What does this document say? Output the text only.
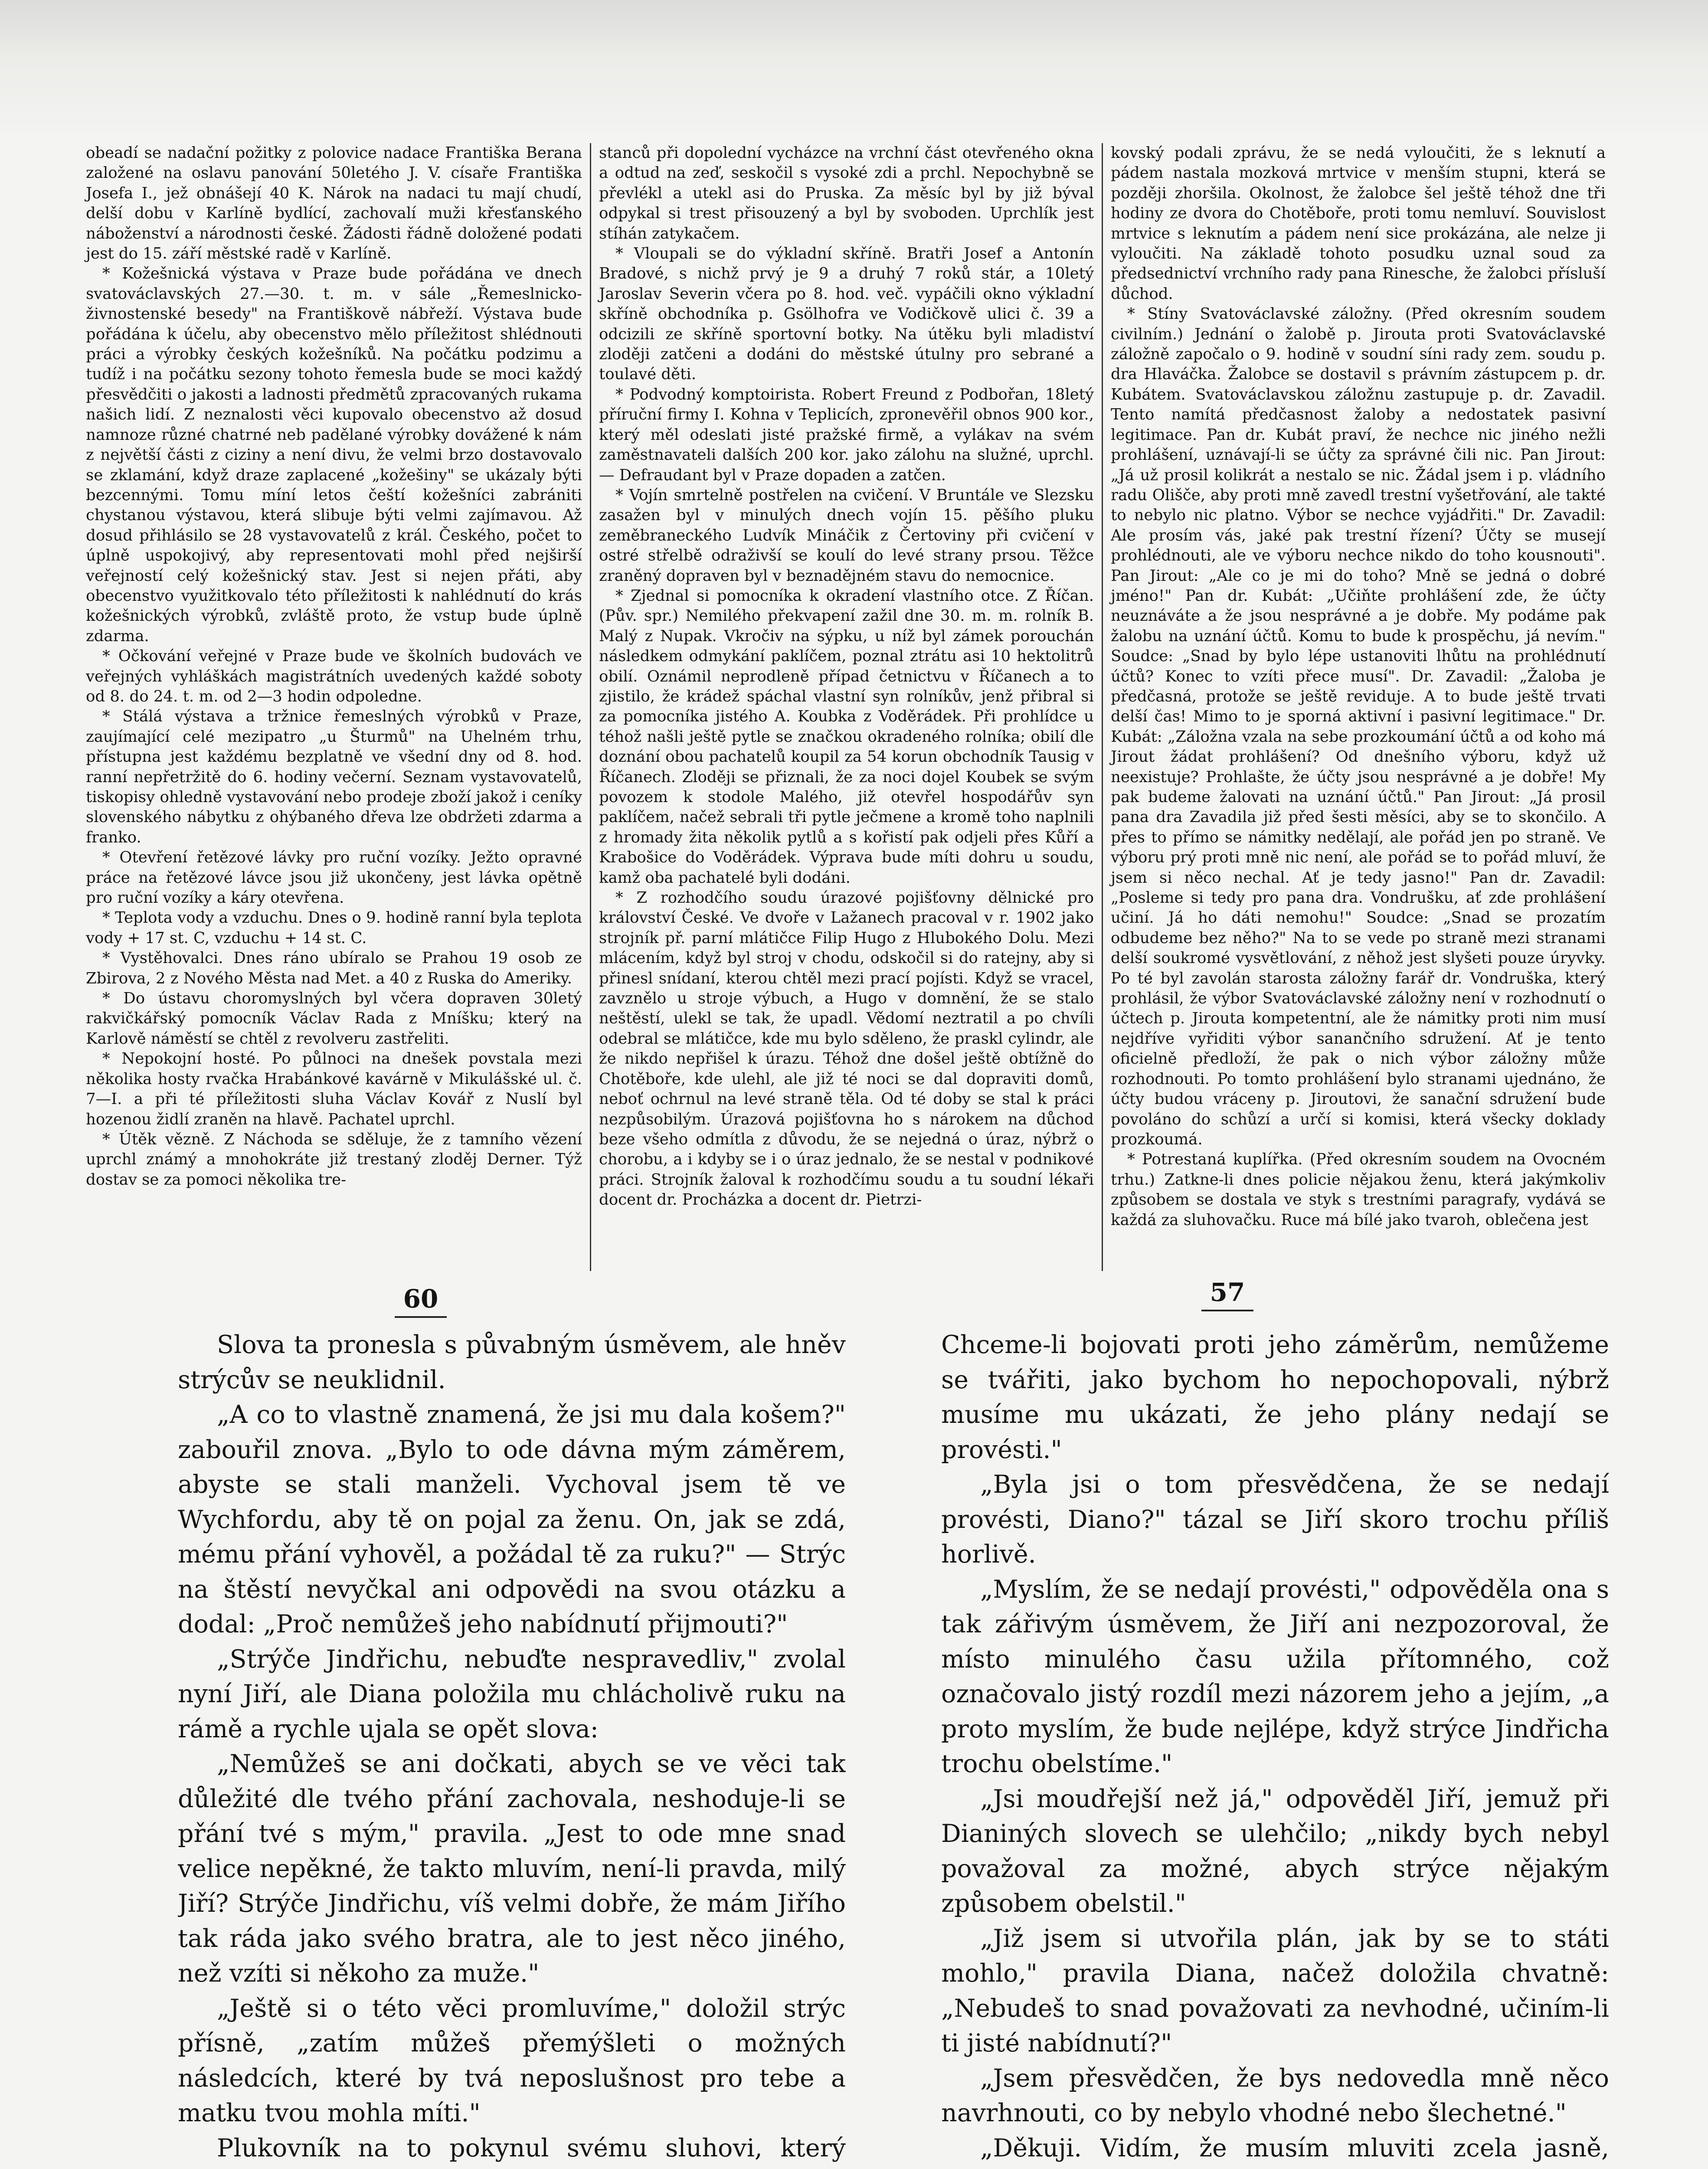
obeadí se nadační požitky z polovice nadace Františka Berana založené na oslavu panování 50letého J. V. císaře Františka Josefa I., jež obnášejí 40 K. Nárok na nadaci tu mají chudí, delší dobu v Karlíně bydlící, zachovalí muži křesťanského náboženství a národnosti české. Žádosti řádně doložené podati jest do 15. září městské radě v Karlíně.

* Kožešnická výstava v Praze bude pořádána ve dnech svatováclavských 27.—30. t. m. v sále „Řemeslnicko-živnostenské besedy" na Františkově nábřeží. Výstava bude pořádána k účelu, aby obecenstvo mělo příležitost shlédnouti práci a výrobky českých kožešníků. Na počátku podzimu a tudíž i na počátku sezony tohoto řemesla bude se moci každý přesvědčiti o jakosti a ladnosti předmětů zpracovaných rukama našich lidí. Z neznalosti věci kupovalo obecenstvo až dosud namnoze různé chatrné neb padělané výrobky dovážené k nám z největší části z ciziny a není divu, že velmi brzo dostavovalo se zklamání, když draze zaplacené „kožešiny" se ukázaly býti bezcennými. Tomu míní letos čeští kožešníci zabrániti chystanou výstavou, která slibuje býti velmi zajímavou. Až dosud přihlásilo se 28 vystavovatelů z král. Českého, počet to úplně uspokojivý, aby representovati mohl před nejširší veřejností celý kožešnický stav. Jest si nejen přáti, aby obecenstvo využitkovalo této příležitosti k nahlédnutí do krás kožešnických výrobků, zvláště proto, že vstup bude úplně zdarma.

* Očkování veřejné v Praze bude ve školních budovách ve veřejných vyhláškách magistrátních uvedených každé soboty od 8. do 24. t. m. od 2—3 hodin odpoledne.

* Stálá výstava a tržnice řemeslných výrobků v Praze, zaujímající celé mezipatro „u Šturmů" na Uhelném trhu, přístupna jest každému bezplatně ve všední dny od 8. hod. ranní nepřetržitě do 6. hodiny večerní. Seznam vystavovatelů, tiskopisy ohledně vystavování nebo prodeje zboží jakož i ceníky slovenského nábytku z ohýbaného dřeva lze obdržeti zdarma a franko.

* Otevření řetězové lávky pro ruční vozíky. Ježto opravné práce na řetězové lávce jsou již ukončeny, jest lávka opětně pro ruční vozíky a káry otevřena.

* Teplota vody a vzduchu. Dnes o 9. hodině ranní byla teplota vody + 17 st. C, vzduchu + 14 st. C.

* Vystěhovalci. Dnes ráno ubíralo se Prahou 19 osob ze Zbirova, 2 z Nového Města nad Met. a 40 z Ruska do Ameriky.

* Do ústavu choromyslných byl včera dopraven 30letý rakvičkářský pomocník Václav Rada z Mníšku; který na Karlově náměstí se chtěl z revolveru zastřeliti.

* Nepokojní hosté. Po půlnoci na dnešek povstala mezi několika hosty rvačka Hrabánkové kavárně v Mikulášské ul. č. 7—I. a při té příležitosti sluha Václav Kovář z Nuslí byl hozenou židlí zraněn na hlavě. Pachatel uprchl.

* Útěk vězně. Z Náchoda se sděluje, že z tamního vězení uprchl známý a mnohokráte již trestaný zloděj Derner. Týž dostav se za pomoci několika tre-

stanců při dopolední vycházce na vrchní část otevřeného okna a odtud na zeď, seskočil s vysoké zdi a prchl. Nepochybně se převlékl a utekl asi do Pruska. Za měsíc byl by již býval odpykal si trest přisouzený a byl by svoboden. Uprchlík jest stíhán zatykačem.

* Vloupali se do výkladní skříně. Bratři Josef a Antonín Bradové, s nichž prvý je 9 a druhý 7 roků stár, a 10letý Jaroslav Severin včera po 8. hod. več. vypáčili okno výkladní skříně obchodníka p. Gsölhofra ve Vodičkově ulici č. 39 a odcizili ze skříně sportovní botky. Na útěku byli mladiství zloději zatčeni a dodáni do městské útulny pro sebrané a toulavé děti.

* Podvodný komptoirista. Robert Freund z Podbořan, 18letý příruční firmy I. Kohna v Teplicích, zpronevěřil obnos 900 kor., který měl odeslati jisté pražské firmě, a vylákav na svém zaměstnavateli dalších 200 kor. jako zálohu na služné, uprchl. — Defraudant byl v Praze dopaden a zatčen.

* Vojín smrtelně postřelen na cvičení. V Bruntále ve Slezsku zasažen byl v minulých dnech vojín 15. pěšího pluku zeměbraneckého Ludvík Mináčik z Čertoviny při cvičení v ostré střelbě odraživší se koulí do levé strany prsou. Těžce zraněný dopraven byl v beznadějném stavu do nemocnice.

* Zjednal si pomocníka k okradení vlastního otce. Z Říčan. (Pův. spr.) Nemilého překvapení zažil dne 30. m. m. rolník B. Malý z Nupak. Vkročiv na sýpku, u níž byl zámek porouchán následkem odmykání paklíčem, poznal ztrátu asi 10 hektolitrů obilí. Oznámil neprodleně případ četnictvu v Říčanech a to zjistilo, že krádež spáchal vlastní syn rolníkův, jenž přibral si za pomocníka jistého A. Koubka z Voděrádek. Při prohlídce u téhož našli ještě pytle se značkou okradeného rolníka; obilí dle doznání obou pachatelů koupil za 54 korun obchodník Tausig v Říčanech. Zloději se přiznali, že za noci dojel Koubek se svým povozem k stodole Malého, již otevřel hospodářův syn paklíčem, načež sebrali tři pytle ječmene a kromě toho naplnili z hromady žita několik pytlů a s kořistí pak odjeli přes Kůří a Krabošice do Voděrádek. Výprava bude míti dohru u soudu, kamž oba pachatelé byli dodáni.

* Z rozhodčího soudu úrazové pojišťovny dělnické pro království České. Ve dvoře v Lažanech pracoval v r. 1902 jako strojník př. parní mlátičce Filip Hugo z Hlubokého Dolu. Mezi mlácením, když byl stroj v chodu, odskočil si do ratejny, aby si přinesl snídaní, kterou chtěl mezi prací pojísti. Když se vracel, zavznělo u stroje výbuch, a Hugo v domnění, že se stalo neštěstí, ulekl se tak, že upadl. Vědomí neztratil a po chvíli odebral se mlátičce, kde mu bylo sděleno, že praskl cylindr, ale že nikdo nepřišel k úrazu. Téhož dne došel ještě obtížně do Chotěboře, kde ulehl, ale již té noci se dal dopraviti domů, neboť ochrnul na levé straně těla. Od té doby se stal k práci nezpůsobilým. Úrazová pojišťovna ho s nárokem na důchod beze všeho odmítla z důvodu, že se nejedná o úraz, nýbrž o chorobu, a i kdyby se i o úraz jednalo, že se nestal v podnikové práci. Strojník žaloval k rozhodčímu soudu a tu soudní lékaři docent dr. Procházka a docent dr. Pietrzi-

kovský podali zprávu, že se nedá vyloučiti, že s leknutí a pádem nastala mozková mrtvice v menším stupni, která se později zhoršila. Okolnost, že žalobce šel ještě téhož dne tři hodiny ze dvora do Chotěboře, proti tomu nemluví. Souvislost mrtvice s leknutím a pádem není sice prokázána, ale nelze ji vyloučiti. Na základě tohoto posudku uznal soud za předsednictví vrchního rady pana Rinesche, že žalobci přísluší důchod.

* Stíny Svatováclavské záložny. (Před okresním soudem civilním.) Jednání o žalobě p. Jirouta proti Svatováclavské záložně započalo o 9. hodině v soudní síni rady zem. soudu p. dra Hlaváčka. Žalobce se dostavil s právním zástupcem p. dr. Kubátem. Svatováclavskou záložnu zastupuje p. dr. Zavadil. Tento namítá předčasnost žaloby a nedostatek pasivní legitimace. Pan dr. Kubát praví, že nechce nic jiného nežli prohlášení, uznávají-li se účty za správné čili nic. Pan Jirout: „Já už prosil kolikrát a nestalo se nic. Žádal jsem i p. vládního radu Olišče, aby proti mně zavedl trestní vyšetřování, ale takté to nebylo nic platno. Výbor se nechce vyjádřiti." Dr. Zavadil: Ale prosím vás, jaké pak trestní řízení? Účty se musejí prohlédnouti, ale ve výboru nechce nikdo do toho kousnouti". Pan Jirout: „Ale co je mi do toho? Mně se jedná o dobré jméno!" Pan dr. Kubát: „Učiňte prohlášení zde, že účty neuznáváte a že jsou nesprávné a je dobře. My podáme pak žalobu na uznání účtů. Komu to bude k prospěchu, já nevím." Soudce: „Snad by bylo lépe ustanoviti lhůtu na prohlédnutí účtů? Konec to vzíti přece musí". Dr. Zavadil: „Žaloba je předčasná, protože se ještě reviduje. A to bude ještě trvati delší čas! Mimo to je sporná aktivní i pasivní legitimace." Dr. Kubát: „Záložna vzala na sebe prozkoumání účtů a od koho má Jirout žádat prohlášení? Od dnešního výboru, když už neexistuje? Prohlašte, že účty jsou nesprávné a je dobře! My pak budeme žalovati na uznání účtů." Pan Jirout: „Já prosil pana dra Zavadila již před šesti měsíci, aby se to skončilo. A přes to přímo se námitky nedělají, ale pořád jen po straně. Ve výboru prý proti mně nic není, ale pořád se to pořád mluví, že jsem si něco nechal. Ať je tedy jasno!" Pan dr. Zavadil: „Posleme si tedy pro pana dra. Vondrušku, ať zde prohlášení učiní. Já ho dáti nemohu!" Soudce: „Snad se prozatím odbudeme bez něho?" Na to se vede po straně mezi stranami delší soukromé vysvětlování, z něhož jest slyšeti pouze úryvky. Po té byl zavolán starosta záložny farář dr. Vondruška, který prohlásil, že výbor Svatováclavské záložny není v rozhodnutí o účtech p. Jirouta kompetentní, ale že námitky proti nim musí nejdříve vyřiditi výbor sanančního sdružení. Ať je tento oficielně předloží, že pak o nich výbor záložny může rozhodnouti. Po tomto prohlášení bylo stranami ujednáno, že účty budou vráceny p. Jiroutovi, že sanační sdružení bude povoláno do schůzí a určí si komisi, která všecky doklady prozkoumá.

* Potrestaná kuplířka. (Před okresním soudem na Ovocném trhu.) Zatkne-li dnes policie nějakou ženu, která jakýmkoliv způsobem se dostala ve styk s trestními paragrafy, vydává se každá za sluhovačku. Ruce má bílé jako tvaroh, oblečena jest

60	57

Slova ta pronesla s půvabným úsměvem, ale hněv strýcův se neuklidnil.

„A co to vlastně znamená, že jsi mu dala košem?" zabouřil znova. „Bylo to ode dávna mým záměrem, abyste se stali manželi. Vychoval jsem tě ve Wychfordu, aby tě on pojal za ženu. On, jak se zdá, mému přání vyhověl, a požádal tě za ruku?" — Strýc na štěstí nevyčkal ani odpovědi na svou otázku a dodal: „Proč nemůžeš jeho nabídnutí přijmouti?"

„Strýče Jindřichu, nebuďte nespravedliv," zvolal nyní Jiří, ale Diana položila mu chlácholivě ruku na rámě a rychle ujala se opět slova:

„Nemůžeš se ani dočkati, abych se ve věci tak důležité dle tvého přání zachovala, neshoduje-li se přání tvé s mým," pravila. „Jest to ode mne snad velice nepěkné, že takto mluvím, není-li pravda, milý Jiří? Strýče Jindřichu, víš velmi dobře, že mám Jiřího tak ráda jako svého bratra, ale to jest něco jiného, než vzíti si někoho za muže."

„Ještě si o této věci promluvíme," doložil strýc přísně, „zatím můžeš přemýšleti o možných následcích, které by tvá neposlušnost pro tebe a matku tvou mohla míti."

Plukovník na to pokynul svému sluhovi, který

Chceme-li bojovati proti jeho záměrům, nemůžeme se tvářiti, jako bychom ho nepochopovali, nýbrž musíme mu ukázati, že jeho plány nedají se provésti."

„Byla jsi o tom přesvědčena, že se nedají provésti, Diano?" tázal se Jiří skoro trochu příliš horlivě.

„Myslím, že se nedají provésti," odpověděla ona s tak zářivým úsměvem, že Jiří ani nezpozoroval, že místo minulého času užila přítomného, což označovalo jistý rozdíl mezi názorem jeho a jejím, „a proto myslím, že bude nejlépe, když strýce Jindřicha trochu obelstíme."

„Jsi moudřejší než já," odpověděl Jiří, jemuž při Dianiných slovech se ulehčilo; „nikdy bych nebyl považoval za možné, abych strýce nějakým způsobem obelstil."

„Již jsem si utvořila plán, jak by se to státi mohlo," pravila Diana, načež doložila chvatně: „Nebudeš to snad považovati za nevhodné, učiním-li ti jisté nabídnutí?"

„Jsem přesvědčen, že bys nedovedla mně něco navrhnouti, co by nebylo vhodné nebo šlechetné."

„Děkuji. Vidím, že musím mluviti zcela jasně,
